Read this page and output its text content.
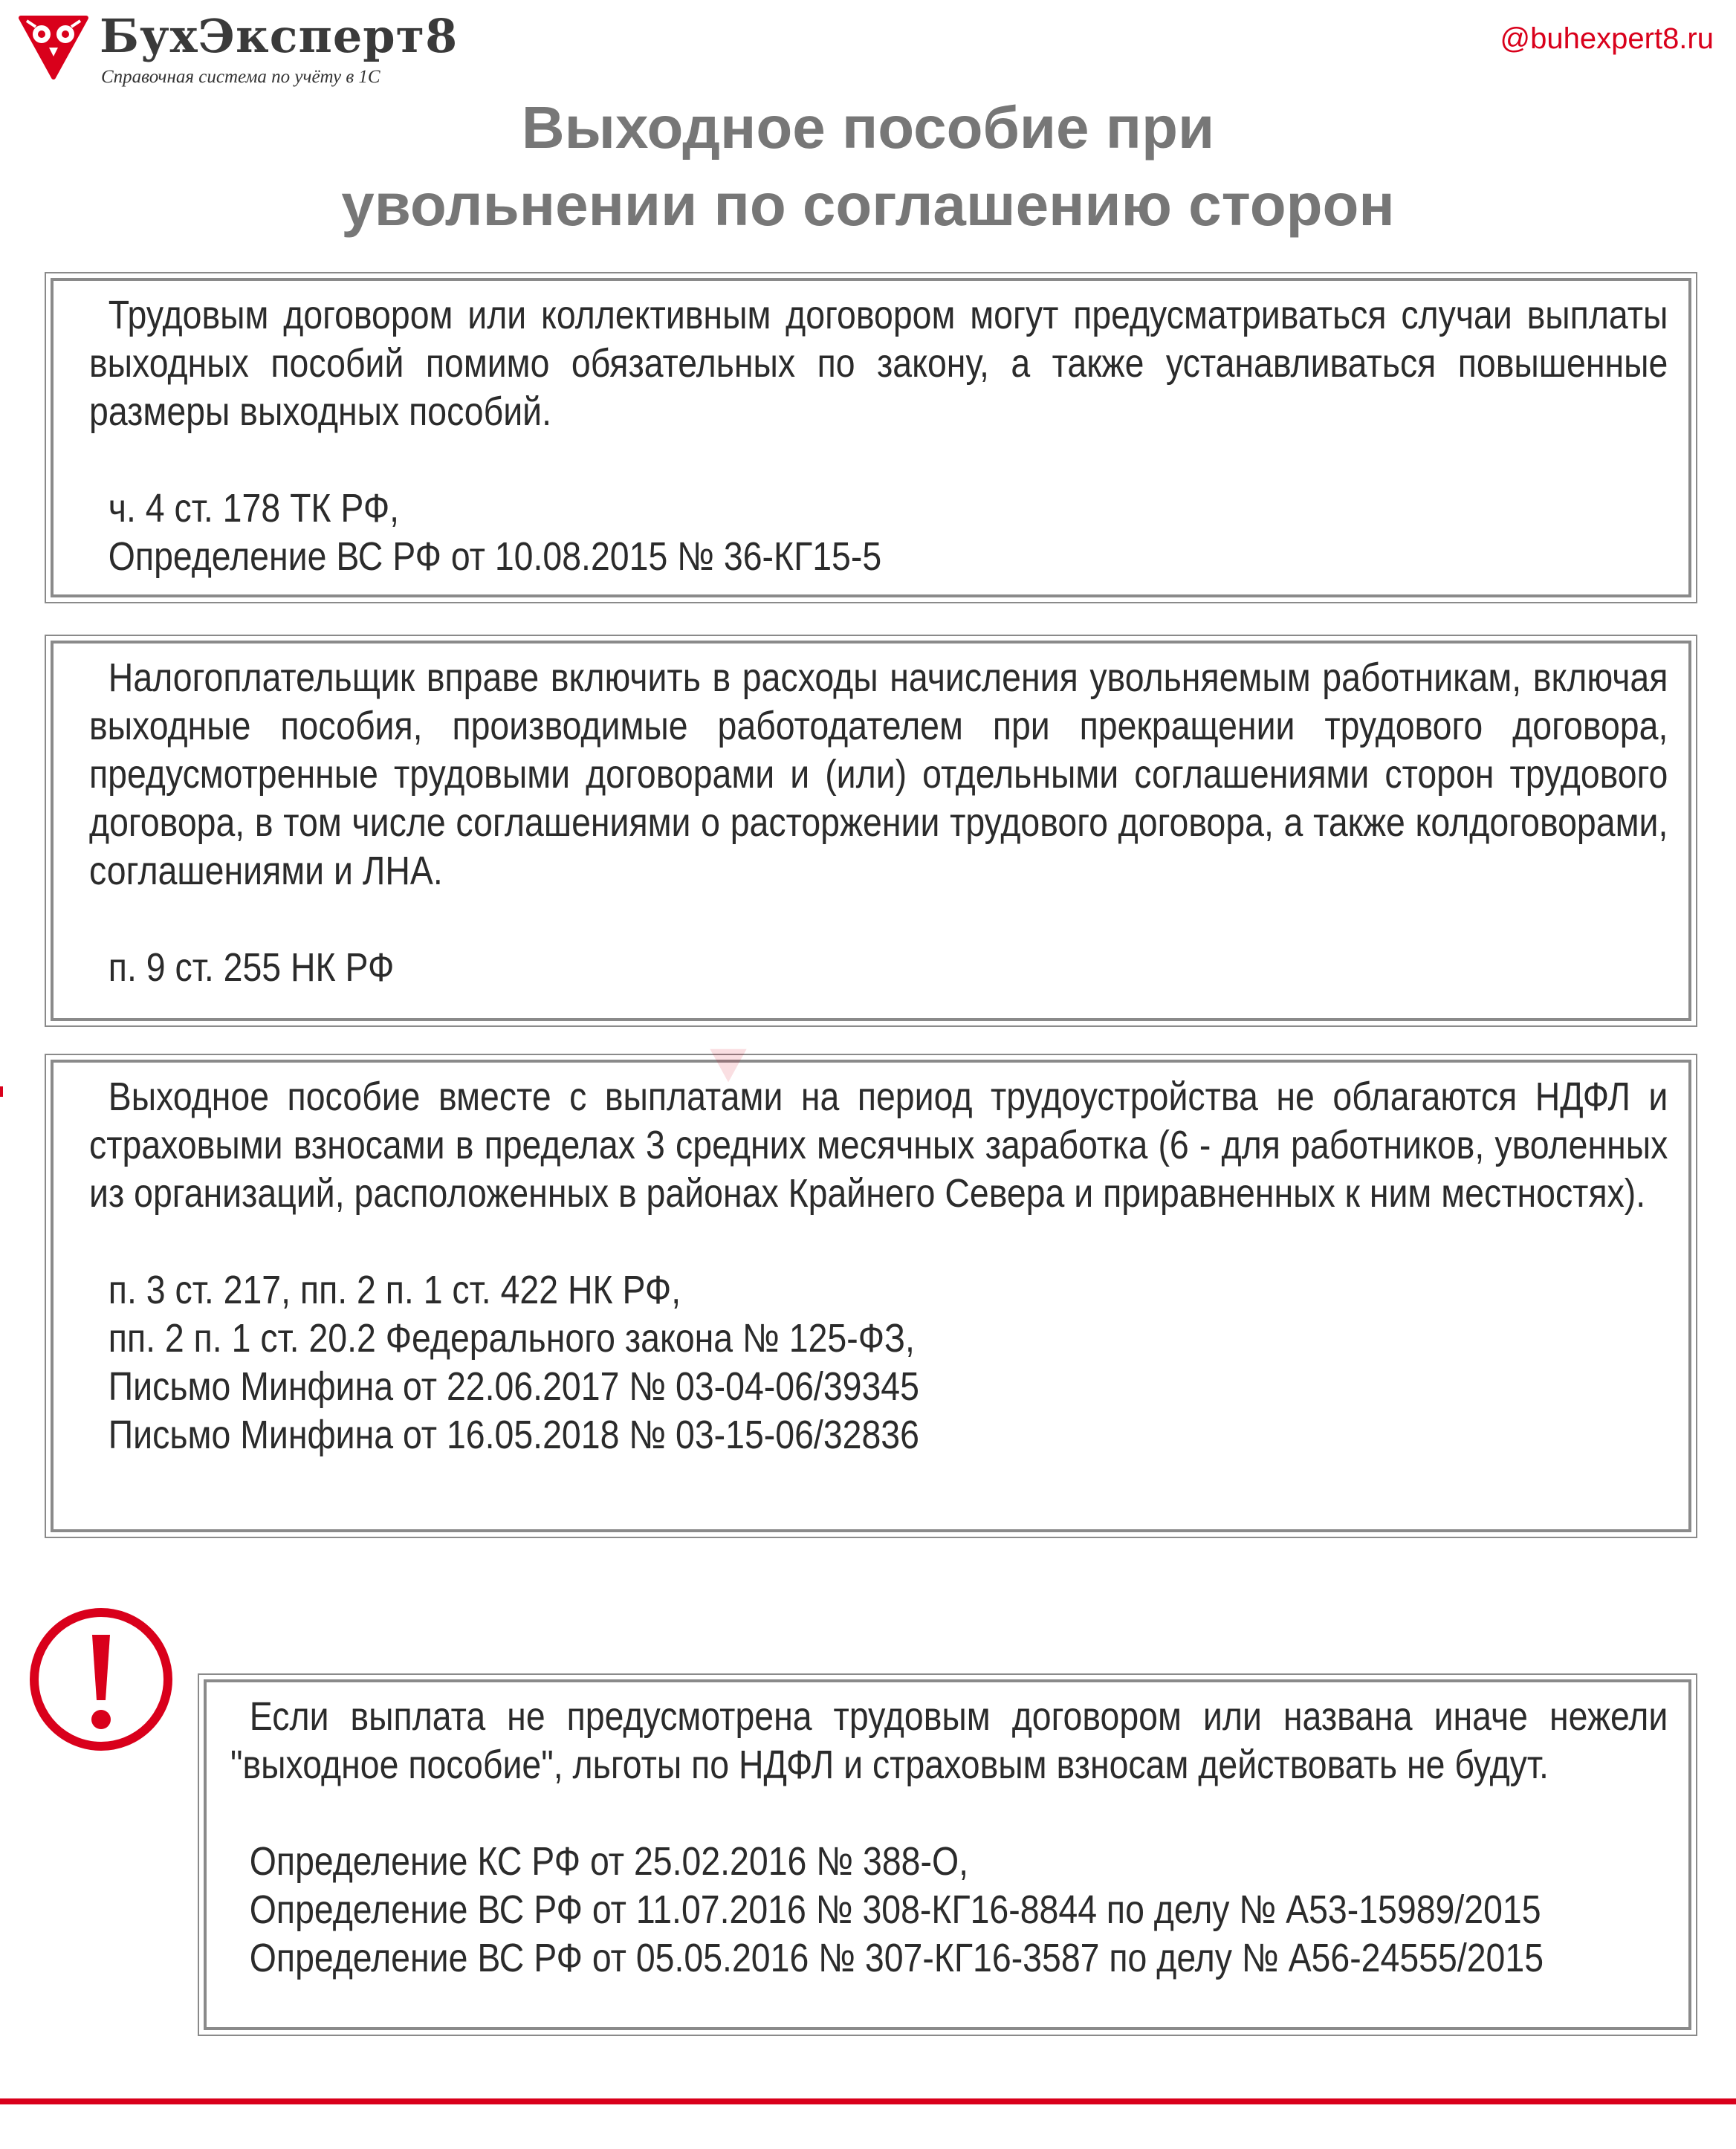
БухЭксперт8
Справочная система по учёту в 1С
@buhexpert8.ru
Выходное пособие при
увольнении по соглашению сторон

Трудовым договором или коллективным договором могут предусматриваться случаи выплаты выходных пособий помимо обязательных по закону, а также устанавливаться повышенные размеры выходных пособий.

ч. 4 ст. 178 ТК РФ,
Определение ВС РФ от 10.08.2015 № 36-КГ15-5

Налогоплательщик вправе включить в расходы начисления увольняемым работникам, включая выходные пособия, производимые работодателем при прекращении трудового договора, предусмотренные трудовыми договорами и (или) отдельными соглашениями сторон трудового договора, в том числе соглашениями о расторжении трудового договора, а также колдоговорами, соглашениями и ЛНА.

п. 9 ст. 255 НК РФ

Выходное пособие вместе с выплатами на период трудоустройства не облагаются НДФЛ и страховыми взносами в пределах 3 средних месячных заработка (6 - для работников, уволенных из организаций, расположенных в районах Крайнего Севера и приравненных к ним местностях).

п. 3 ст. 217, пп. 2 п. 1 ст. 422 НК РФ,
пп. 2 п. 1 ст. 20.2 Федерального закона № 125-ФЗ,
Письмо Минфина от 22.06.2017 № 03-04-06/39345
Письмо Минфина от 16.05.2018 № 03-15-06/32836

Если выплата не предусмотрена трудовым договором или названа иначе нежели "выходное пособие", льготы по НДФЛ и страховым взносам действовать не будут.

Определение КС РФ от 25.02.2016 № 388-О,
Определение ВС РФ от 11.07.2016 № 308-КГ16-8844 по делу № А53-15989/2015
Определение ВС РФ от 05.05.2016 № 307-КГ16-3587 по делу № А56-24555/2015
